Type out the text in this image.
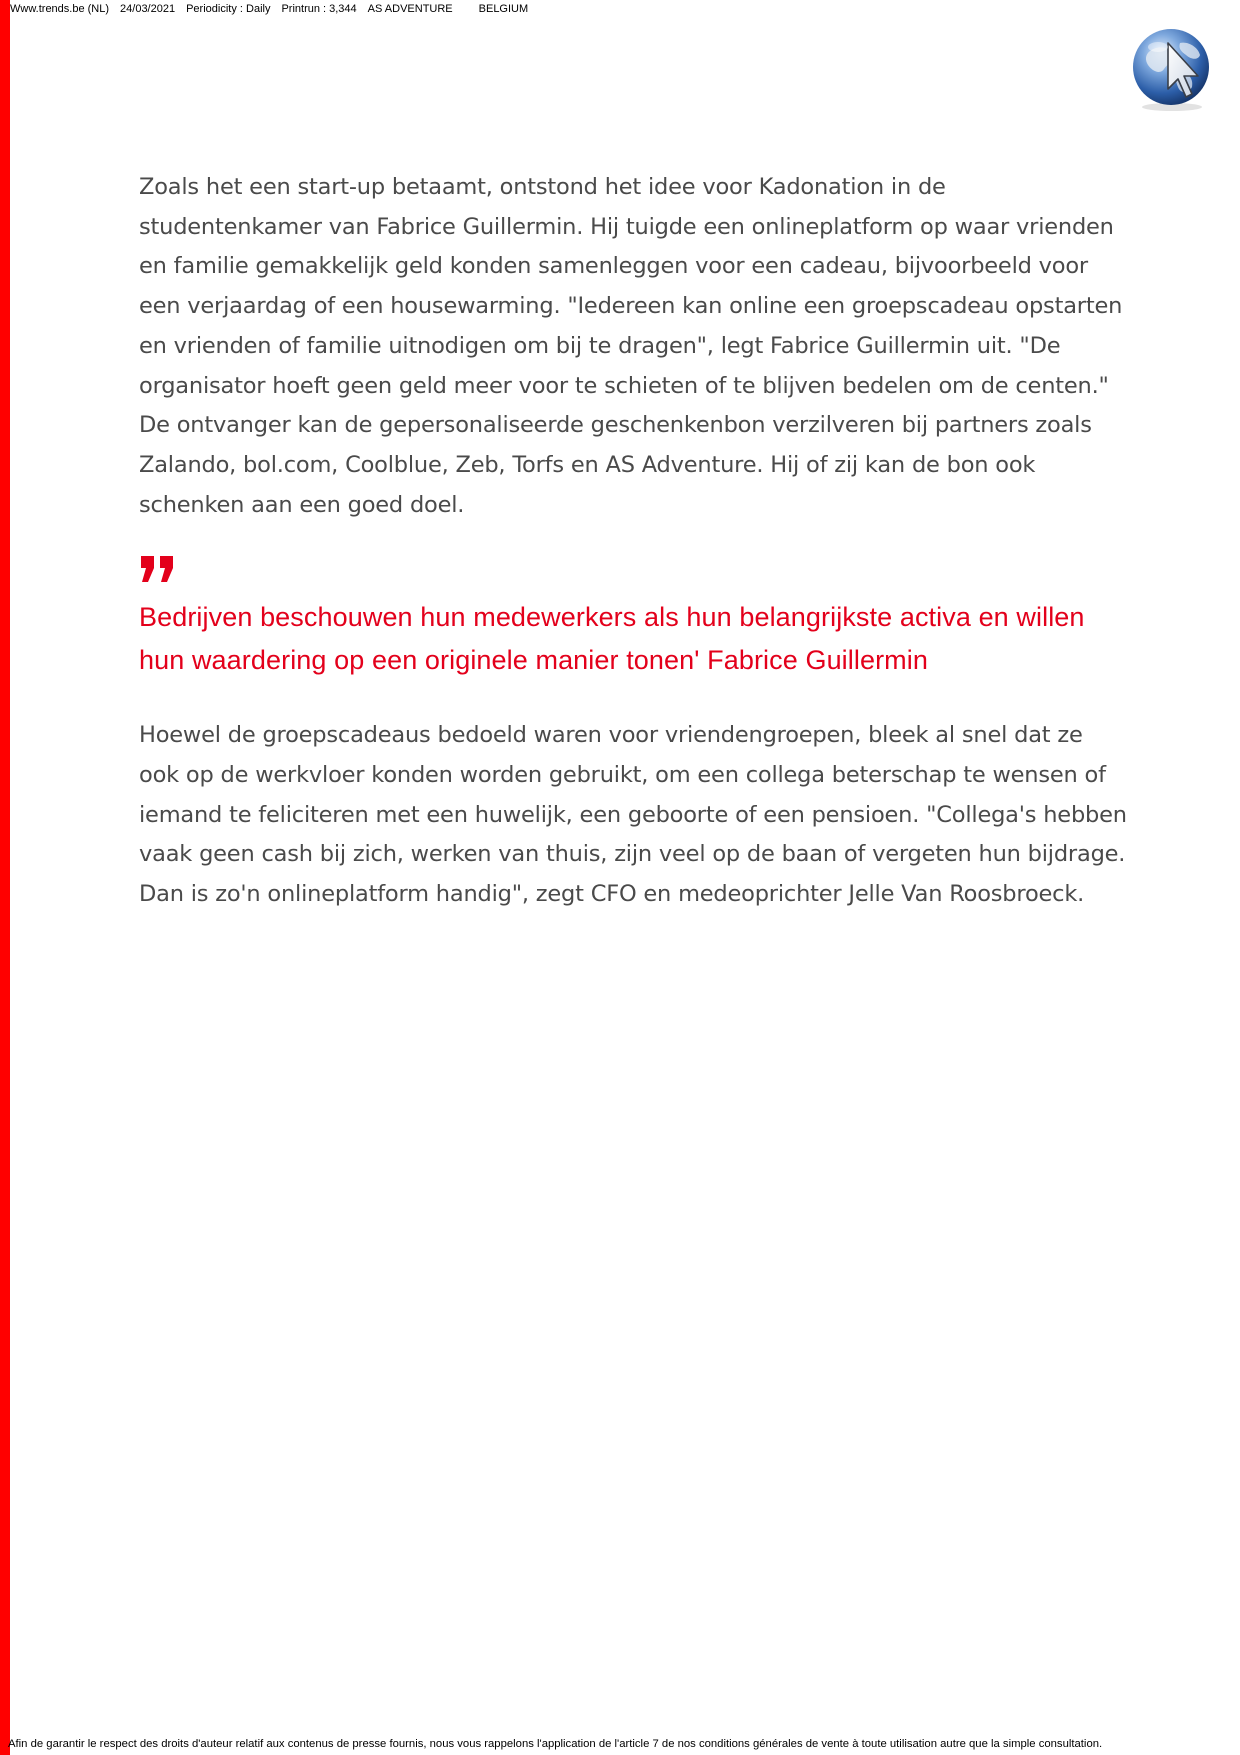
Www.trends.be (NL) 24/03/2021 Periodicity : Daily Printrun : 3,344 AS ADVENTURE BELGIUM

Zoals het een start-up betaamt, ontstond het idee voor Kadonation in de studentenkamer van Fabrice Guillermin. Hij tuigde een onlineplatform op waar vrienden en familie gemakkelijk geld konden samenleggen voor een cadeau, bijvoorbeeld voor een verjaardag of een housewarming. "Iedereen kan online een groepscadeau opstarten en vrienden of familie uitnodigen om bij te dragen", legt Fabrice Guillermin uit. "De organisator hoeft geen geld meer voor te schieten of te blijven bedelen om de centen." De ontvanger kan de gepersonaliseerde geschenkenbon verzilveren bij partners zoals Zalando, bol.com, Coolblue, Zeb, Torfs en AS Adventure. Hij of zij kan de bon ook schenken aan een goed doel.

Bedrijven beschouwen hun medewerkers als hun belangrijkste activa en willen hun waardering op een originele manier tonen' Fabrice Guillermin

Hoewel de groepscadeaus bedoeld waren voor vriendengroepen, bleek al snel dat ze ook op de werkvloer konden worden gebruikt, om een collega beterschap te wensen of iemand te feliciteren met een huwelijk, een geboorte of een pensioen. "Collega's hebben vaak geen cash bij zich, werken van thuis, zijn veel op de baan of vergeten hun bijdrage. Dan is zo'n onlineplatform handig", zegt CFO en medeoprichter Jelle Van Roosbroeck.

Afin de garantir le respect des droits d'auteur relatif aux contenus de presse fournis, nous vous rappelons l'application de l'article 7 de nos conditions générales de vente à toute utilisation autre que la simple consultation.
